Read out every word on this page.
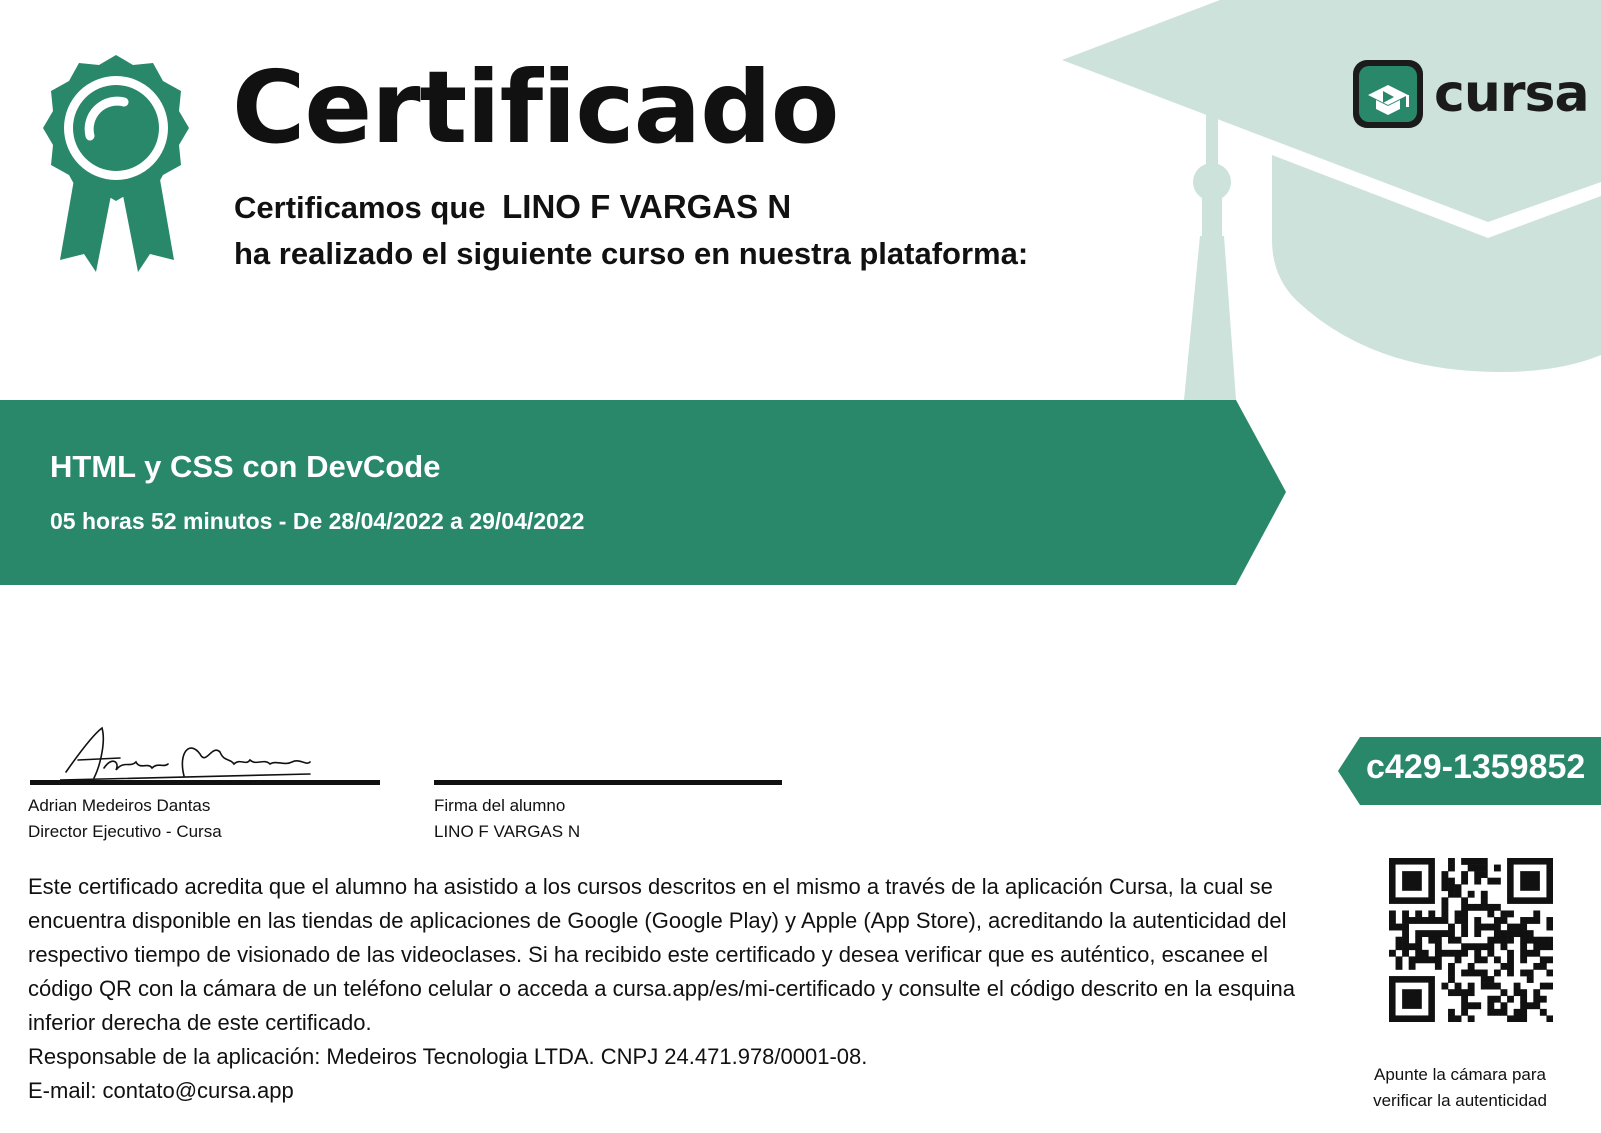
Certificado
Certificamos que LINO F VARGAS N
ha realizado el siguiente curso en nuestra plataforma:
cursa
HTML y CSS con DevCode
05 horas 52 minutos - De 28/04/2022 a 29/04/2022
Adrian Medeiros Dantas
Director Ejecutivo - Cursa
Firma del alumno
LINO F VARGAS N
c429-1359852

Este certificado acredita que el alumno ha asistido a los cursos descritos en el mismo a través de la aplicación Cursa, la cual se encuentra disponible en las tiendas de aplicaciones de Google (Google Play) y Apple (App Store), acreditando la autenticidad del respectivo tiempo de visionado de las videoclases. Si ha recibido este certificado y desea verificar que es auténtico, escanee el código QR con la cámara de un teléfono celular o acceda a cursa.app/es/mi-certificado y consulte el código descrito en la esquina inferior derecha de este certificado.

Responsable de la aplicación: Medeiros Tecnologia LTDA. CNPJ 24.471.978/0001-08.

E-mail: contato@cursa.app

Apunte la cámara para
verificar la autenticidad
